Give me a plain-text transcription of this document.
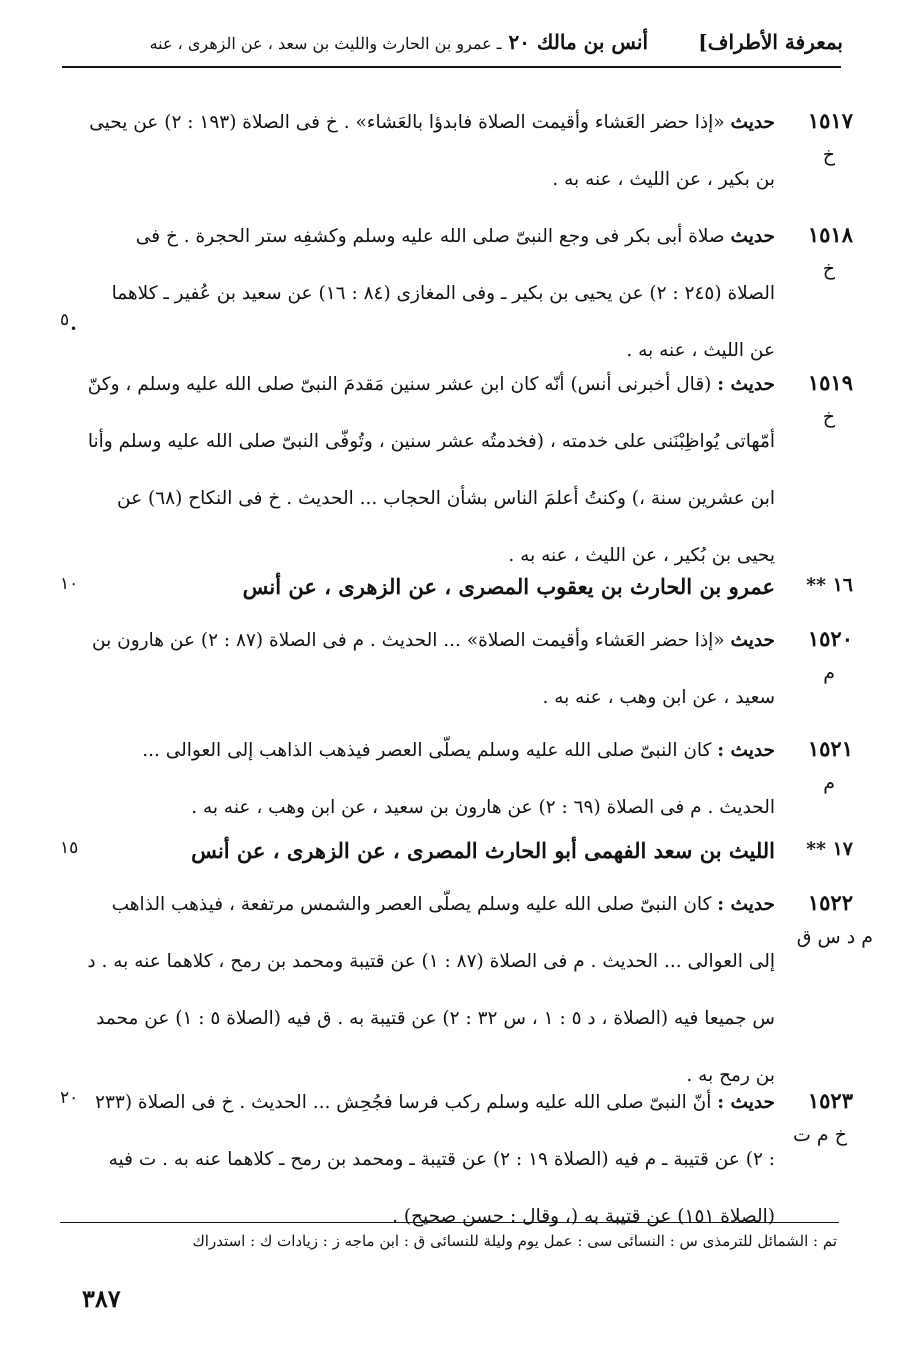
بمعرفة الأطراف]
أنس بن مالك ٢٠ ـ عمرو بن الحارث والليث بن سعد ، عن الزهرى ، عنه
١٥١٧
خ
حديث «إذا حضر العَشاء وأقيمت الصلاة فابدؤا بالعَشاء» . خ فى الصلاة (١٩٣ : ٢) عن يحيى بن بكير ، عن الليث ، عنه به .
١٥١٨
خ
حديث صلاة أبى بكر فى وجع النبىّ صلى الله عليه وسلم وكشفِه ستر الحجرة . خ فى الصلاة (٢٤٥ : ٢) عن يحيى بن بكير ـ وفى المغازى (٨٤ : ١٦) عن سعيد بن عُفير ـ كلاهما عن الليث ، عنه به .
•
٥
١٥١٩
خ
حديث : (قال أخبرنى أنس) أنّه كان ابن عشر سنين مَقدمَ النبىّ صلى الله عليه وسلم ، وكنّ أمّهاتى يُواظِبْنَنى على خدمته ، (فخدمتُه عشر سنين ، وتُوفّى النبىّ صلى الله عليه وسلم وأنا ابن عشرين سنة ،) وكنتُ أعلمَ الناس بشأن الحجاب ... الحديث . خ فى النكاح (٦٨) عن يحيى بن بُكير ، عن الليث ، عنه به .
١٦ **
عمرو بن الحارث بن يعقوب المصرى ، عن الزهرى ، عن أنس
١٠
١٥٢٠
م
حديث «إذا حضر العَشاء وأقيمت الصلاة» ... الحديث . م فى الصلاة (٨٧ : ٢) عن هارون بن سعيد ، عن ابن وهب ، عنه به .
١٥٢١
م
حديث : كان النبىّ صلى الله عليه وسلم يصلّى العصر فيذهب الذاهب إلى العوالى ... الحديث . م فى الصلاة (٦٩ : ٢) عن هارون بن سعيد ، عن ابن وهب ، عنه به .
١٧ **
الليث بن سعد الفهمى أبو الحارث المصرى ، عن الزهرى ، عن أنس
١٥
١٥٢٢
م د س ق
حديث : كان النبىّ صلى الله عليه وسلم يصلّى العصر والشمس مرتفعة ، فيذهب الذاهب إلى العوالى ... الحديث . م فى الصلاة (٨٧ : ١) عن قتيبة ومحمد بن رمح ، كلاهما عنه به . د س جميعا فيه (الصلاة ، د ٥ : ١ ، س ٣٢ : ٢) عن قتيبة به . ق فيه (الصلاة ٥ : ١) عن محمد بن رمح به .
١٥٢٣
خ م ت
حديث : أنّ النبىّ صلى الله عليه وسلم ركب فرسا فجُحِش ... الحديث . خ فى الصلاة (٢٣٣ : ٢) عن قتيبة ـ م فيه (الصلاة ١٩ : ٢) عن قتيبة ـ ومحمد بن رمح ـ كلاهما عنه به . ت فيه (الصلاة ١٥١) عن قتيبة به (، وقال : حسن صحيح) .
٢٠
تم : الشمائل للترمذى س : النسائى سى : عمل يوم وليلة للنسائى ق : ابن ماجه ز : زيادات ك : استدراك
٣٨٧
